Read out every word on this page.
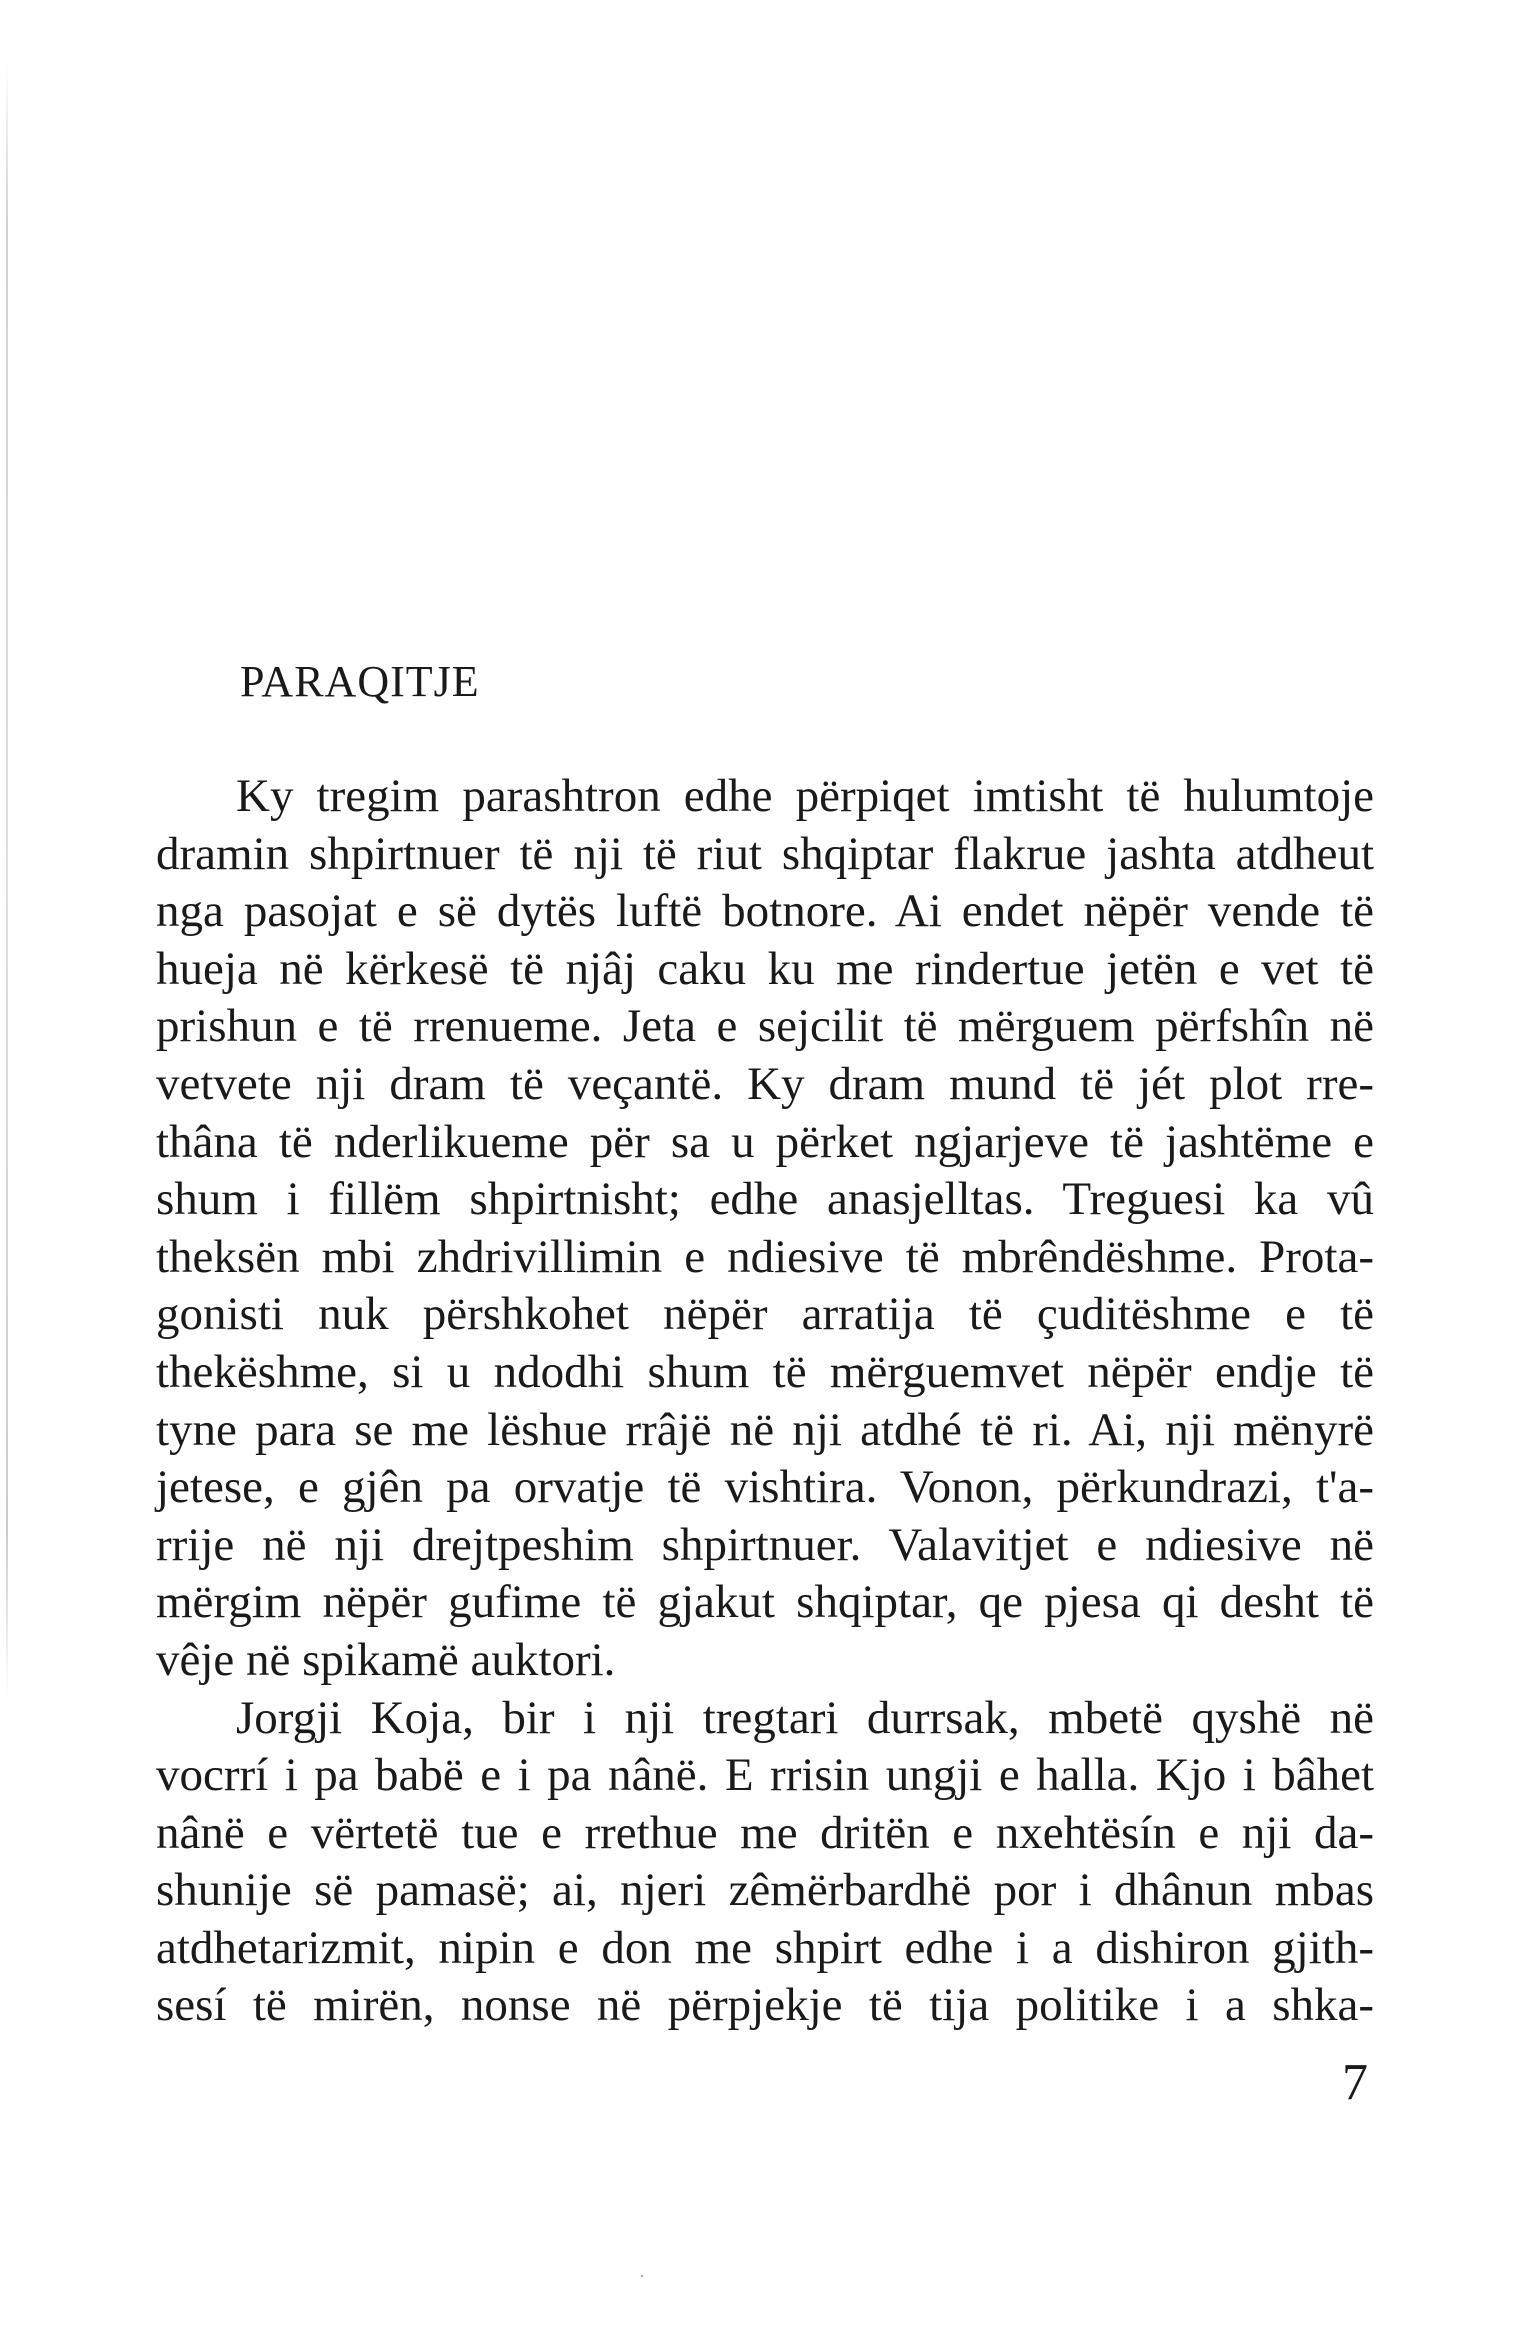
PARAQITJE
Ky tregim parashtron edhe përpiqet imtisht të hulumtoje
dramin shpirtnuer të nji të riut shqiptar flakrue jashta atdheut
nga pasojat e së dytës luftë botnore. Ai endet nëpër vende të
hueja në kërkesë të njâj caku ku me rindertue jetën e vet të
prishun e të rrenueme. Jeta e sejcilit të mërguem përfshîn në
vetvete nji dram të veçantë. Ky dram mund të jét plot rre-
thâna të nderlikueme për sa u përket ngjarjeve të jashtëme e
shum i fillëm shpirtnisht; edhe anasjelltas. Treguesi ka vû
theksën mbi zhdrivillimin e ndiesive të mbrêndëshme. Prota-
gonisti nuk përshkohet nëpër arratija të çuditëshme e të
thekëshme, si u ndodhi shum të mërguemvet nëpër endje të
tyne para se me lëshue rrâjë në nji atdhé të ri. Ai, nji mënyrë
jetese, e gjên pa orvatje të vishtira. Vonon, përkundrazi, t'a-
rrije në nji drejtpeshim shpirtnuer. Valavitjet e ndiesive në
mërgim nëpër gufime të gjakut shqiptar, qe pjesa qi desht të
vêje në spikamë auktori.
Jorgji Koja, bir i nji tregtari durrsak, mbetë qyshë në
vocrrí i pa babë e i pa nânë. E rrisin ungji e halla. Kjo i bâhet
nânë e vërtetë tue e rrethue me dritën e nxehtësín e nji da-
shunije së pamasë; ai, njeri zêmërbardhë por i dhânun mbas
atdhetarizmit, nipin e don me shpirt edhe i a dishiron gjith-
sesí të mirën, nonse në përpjekje të tija politike i a shka-
7
